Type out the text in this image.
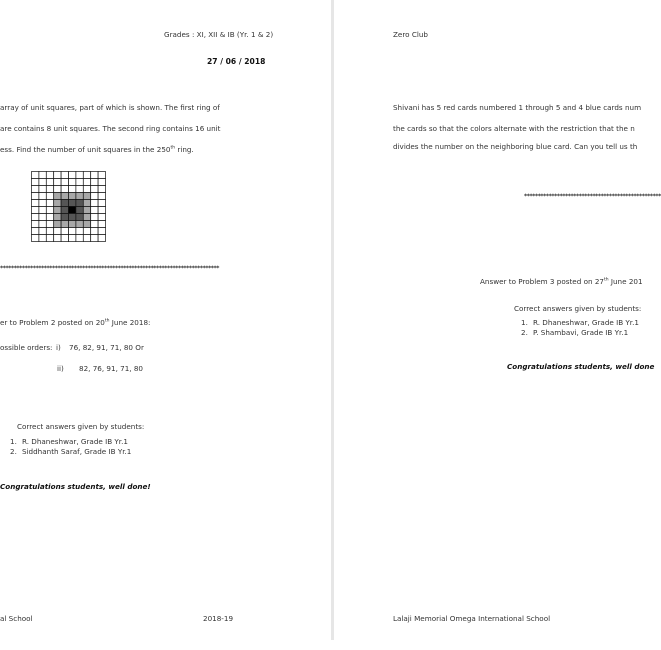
Grades : XI, XII & IB (Yr. 1 & 2)
27 / 06 / 2018
array of unit squares, part of which is shown. The first ring of
are contains 8 unit squares. The second ring contains 16 unit
ess. Find the number of unit squares in the 250th ring.
********************************************************************************
er to Problem 2 posted on 20th June 2018:
ossible orders: i) 76, 82, 91, 71, 80 Or
ii) 82, 76, 91, 71, 80
Correct answers given by students:
1. R. Dhaneshwar, Grade IB Yr.1
2. Siddhanth Saraf, Grade IB Yr.1
Congratulations students, well done!
al School	2018-19
Zero Club
Shivani has 5 red cards numbered 1 through 5 and 4 blue cards num
the cards so that the colors alternate with the restriction that the n
divides the number on the neighboring blue card. Can you tell us th
**************************************************
Answer to Problem 3 posted on 27th June 201
Correct answers given by students:
1. R. Dhaneshwar, Grade IB Yr.1
2. P. Shambavi, Grade IB Yr.1
Congratulations students, well done
Lalaji Memorial Omega International School
